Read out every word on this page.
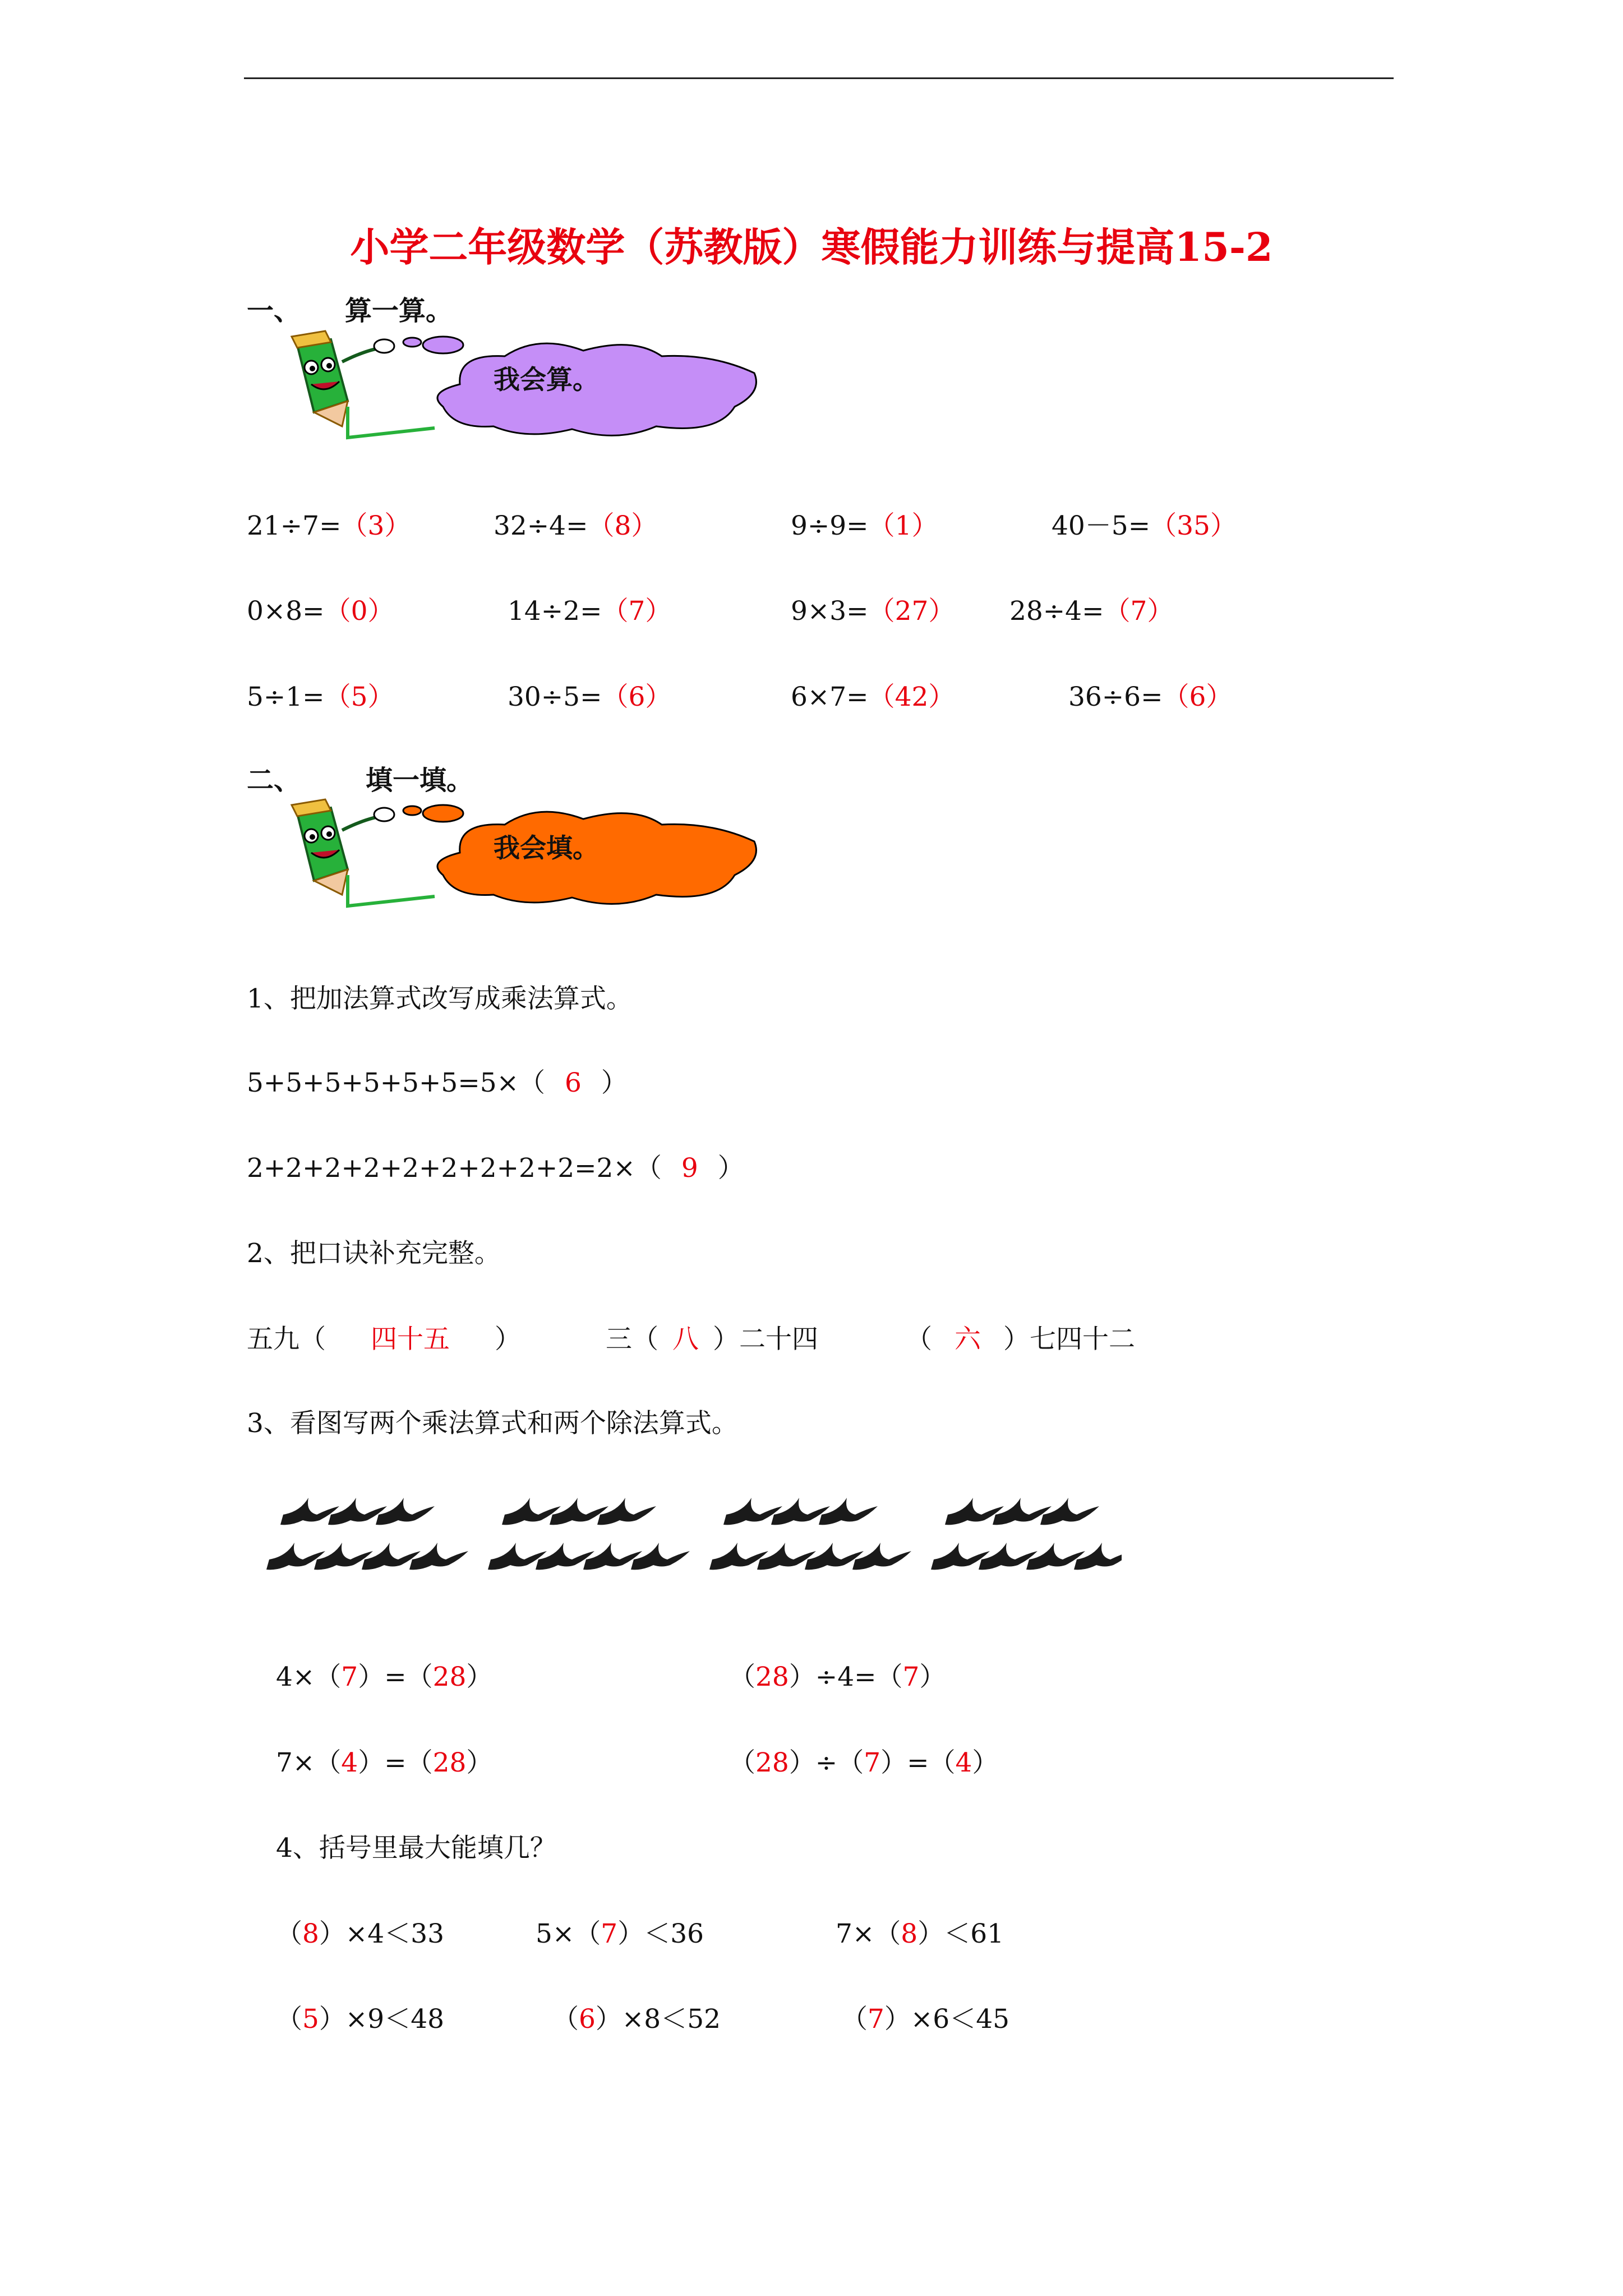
小学二年级数学（苏教版）寒假能力训练与提高15-2
一、 算一算。
我会算。
21÷7=（3）	32÷4=（8）	9÷9=（1）	40－5=（35）
0×8=（0）	14÷2=（7）	9×3=（27） 28÷4=（7）
5÷1=（5）	30÷5=（6）	6×7=（42）	36÷6=（6）
二、 填一填。
我会填。
1、把加法算式改写成乘法算式。
5+5+5+5+5+5=5×（ 6 ）
2+2+2+2+2+2+2+2+2=2×（ 9 ）
2、把口诀补充完整。
五九（ 四十五 ）	三（ 八 ）二十四	（ 六 ）七四十二
3、看图写两个乘法算式和两个除法算式。
4×（7）=（28）	（28）÷4=（7）
7×（4）=（28）	（28）÷（7）=（4）
4、括号里最大能填几？
（8）×4＜33	5×（7）＜36	7×（8）＜61
（5）×9＜48	（6）×8＜52	（7）×6＜45
